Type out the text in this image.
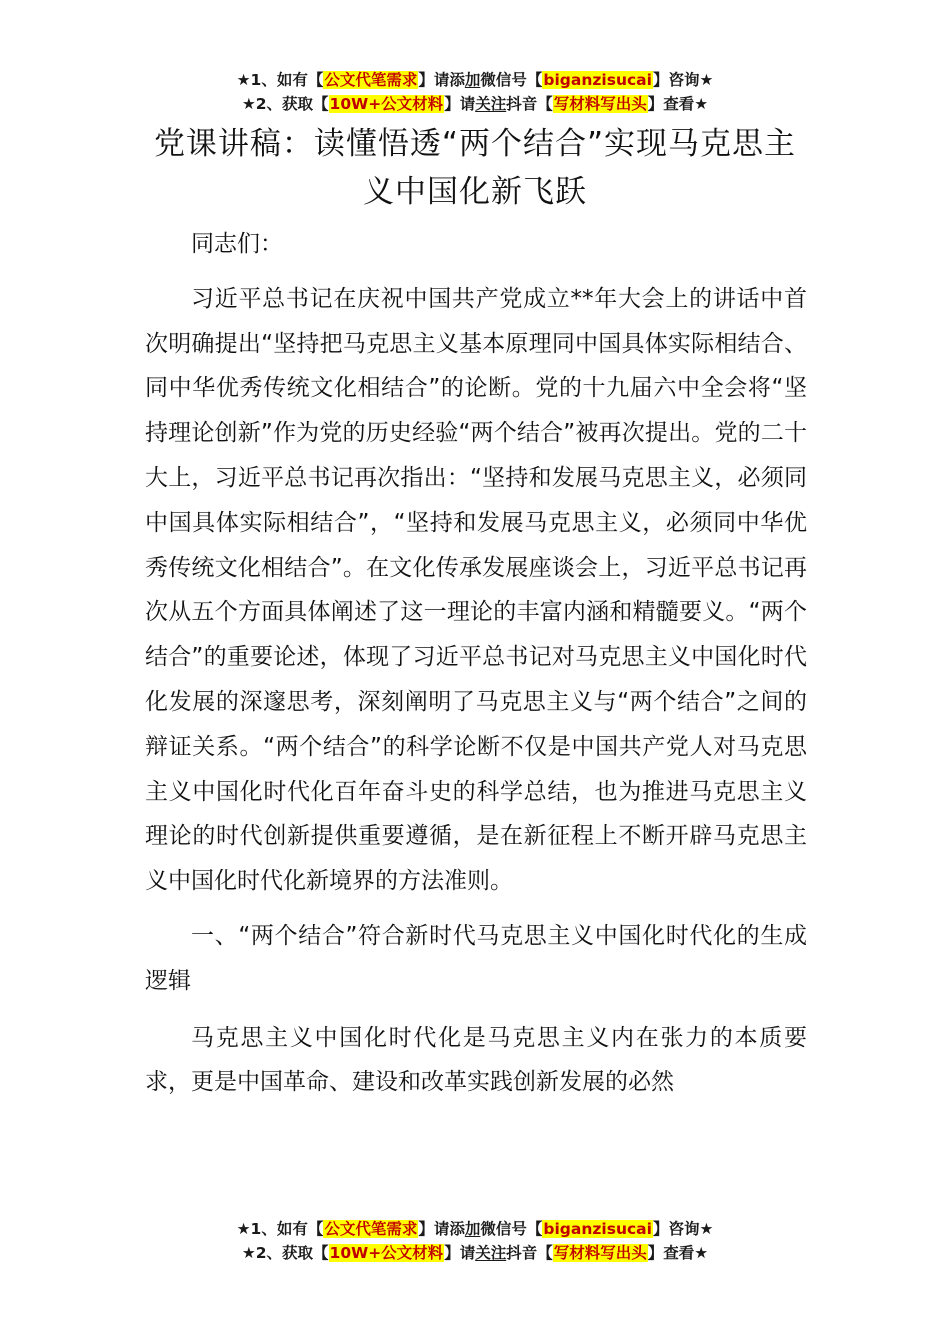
★1、如有【公文代笔需求】请添加微信号【biganzisucai】咨询★
★2、获取【10W+公文材料】请关注抖音【写材料写出头】查看★
党课讲稿：读懂悟透“两个结合”实现马克思主义中国化新飞跃

同志们：

习近平总书记在庆祝中国共产党成立**年大会上的讲话中首次明确提出“坚持把马克思主义基本原理同中国具体实际相结合、同中华优秀传统文化相结合”的论断。党的十九届六中全会将“坚持理论创新”作为党的历史经验“两个结合”被再次提出。党的二十大上，习近平总书记再次指出：“坚持和发展马克思主义，必须同中国具体实际相结合”，“坚持和发展马克思主义，必须同中华优秀传统文化相结合”。在文化传承发展座谈会上，习近平总书记再次从五个方面具体阐述了这一理论的丰富内涵和精髓要义。“两个结合”的重要论述，体现了习近平总书记对马克思主义中国化时代化发展的深邃思考，深刻阐明了马克思主义与“两个结合”之间的辩证关系。“两个结合”的科学论断不仅是中国共产党人对马克思主义中国化时代化百年奋斗史的科学总结，也为推进马克思主义理论的时代创新提供重要遵循，是在新征程上不断开辟马克思主义中国化时代化新境界的方法准则。

一、“两个结合”符合新时代马克思主义中国化时代化的生成逻辑

马克思主义中国化时代化是马克思主义内在张力的本质要求，更是中国革命、建设和改革实践创新发展的必然

★1、如有【公文代笔需求】请添加微信号【biganzisucai】咨询★
★2、获取【10W+公文材料】请关注抖音【写材料写出头】查看★
